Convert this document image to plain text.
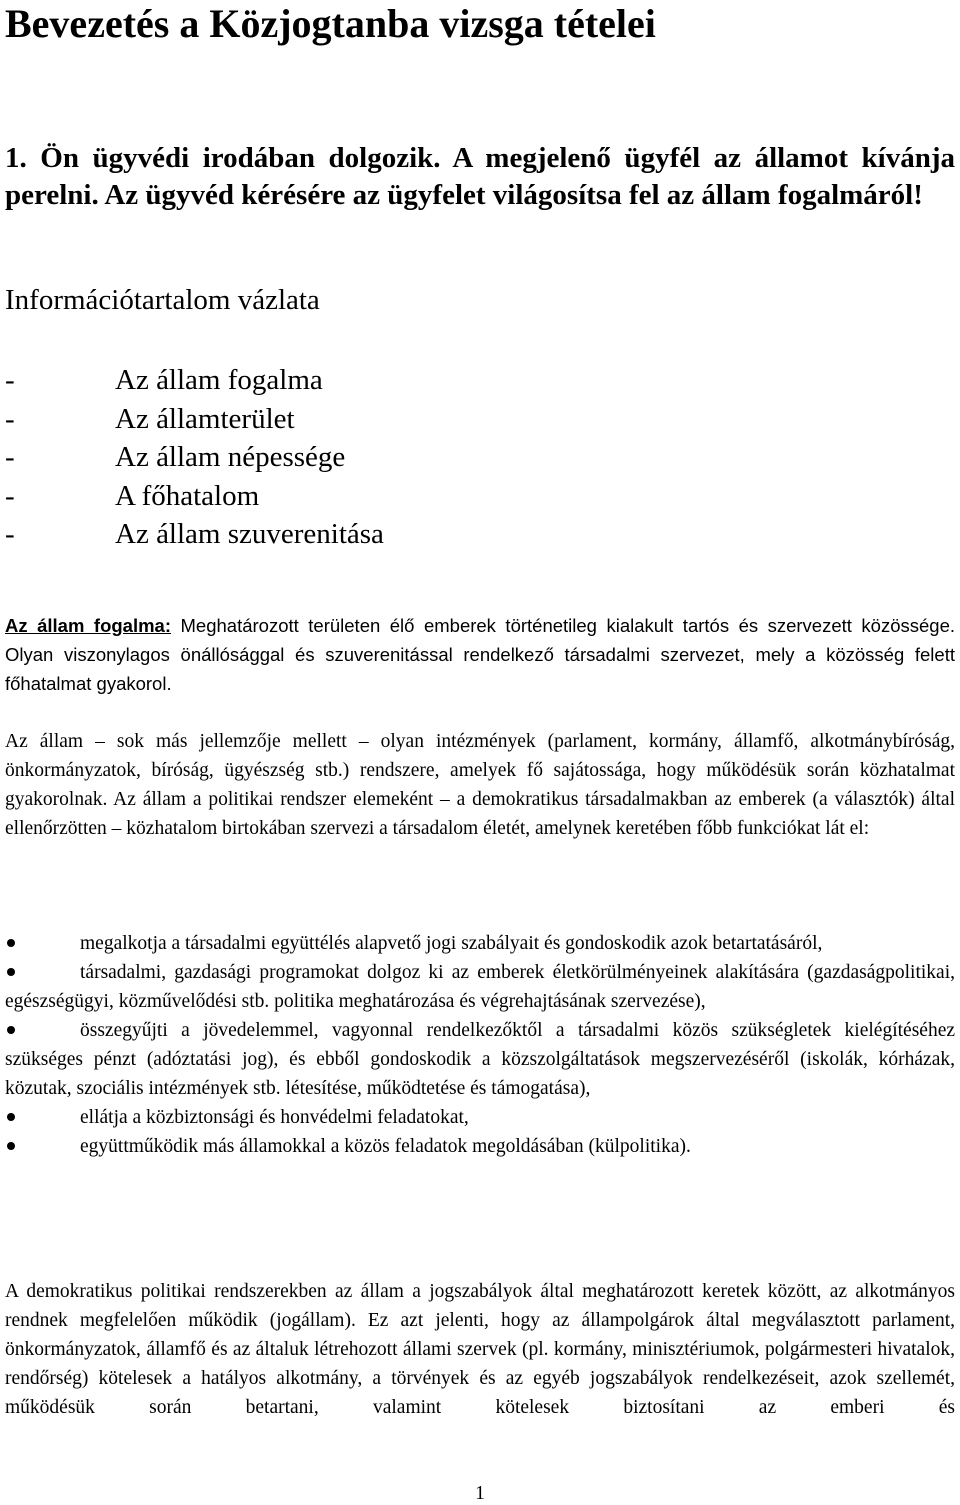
Bevezetés a Közjogtanba vizsga tételei

1. Ön ügyvédi irodában dolgozik. A megjelenő ügyfél az államot kívánja perelni. Az ügyvéd kérésére az ügyfelet világosítsa fel az állam fogalmáról!

Információtartalom vázlata

-	Az állam fogalma
-	Az államterület
-	Az állam népessége
-	A főhatalom
-	Az állam szuverenitása

Az állam fogalma: Meghatározott területen élő emberek történetileg kialakult tartós és szervezett közössége. Olyan viszonylagos önállósággal és szuverenitással rendelkező társadalmi szervezet, mely a közösség felett főhatalmat gyakorol.

Az állam – sok más jellemzője mellett – olyan intézmények (parlament, kormány, államfő, alkotmánybíróság, önkormányzatok, bíróság, ügyészség stb.) rendszere, amelyek fő sajátossága, hogy működésük során közhatalmat gyakorolnak. Az állam a politikai rendszer elemeként – a demokratikus társadalmakban az emberek (a választók) által ellenőrzötten – közhatalom birtokában szervezi a társadalom életét, amelynek keretében főbb funkciókat lát el:

megalkotja a társadalmi együttélés alapvető jogi szabályait és gondoskodik azok betartatásáról,
társadalmi, gazdasági programokat dolgoz ki az emberek életkörülményeinek alakítására (gazdaságpolitikai, egészségügyi, közművelődési stb. politika meghatározása és végrehajtásának szervezése),
összegyűjti a jövedelemmel, vagyonnal rendelkezőktől a társadalmi közös szükségletek kielégítéséhez szükséges pénzt (adóztatási jog), és ebből gondoskodik a közszolgáltatások megszervezéséről (iskolák, kórházak, közutak, szociális intézmények stb. létesítése, működtetése és támogatása),
ellátja a közbiztonsági és honvédelmi feladatokat,
együttműködik más államokkal a közös feladatok megoldásában (külpolitika).

A demokratikus politikai rendszerekben az állam a jogszabályok által meghatározott keretek között, az alkotmányos rendnek megfelelően működik (jogállam). Ez azt jelenti, hogy az állampolgárok által megválasztott parlament, önkormányzatok, államfő és az általuk létrehozott állami szervek (pl. kormány, minisztériumok, polgármesteri hivatalok, rendőrség) kötelesek a hatályos alkotmány, a törvények és az egyéb jogszabályok rendelkezéseit, azok szellemét, működésük során betartani, valamint kötelesek biztosítani az emberi és

1
